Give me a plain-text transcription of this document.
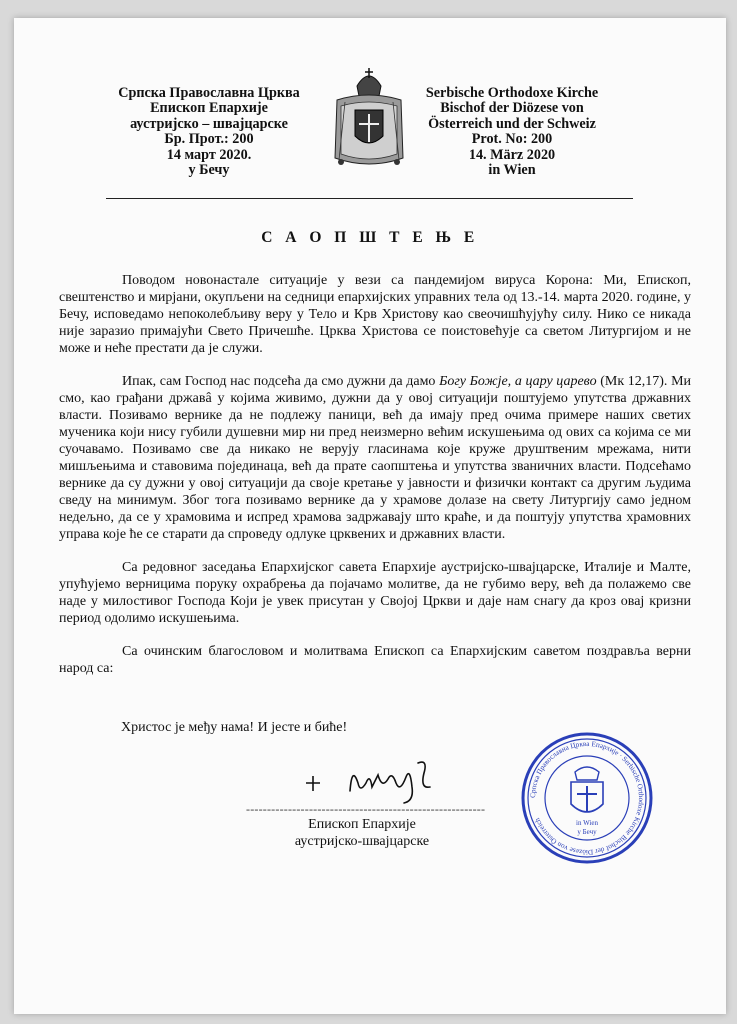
Српска Православна Црква
Епископ Епархије
аустријско – швајцарске
Бр. Прот.: 200
14 март 2020.
у Бечу
Serbische Orthodoxe Kirche
Bischof der Diözese von
Österreich und der Schweiz
Prot. No: 200
14. März 2020
in Wien
С А О П Ш Т Е Њ Е

Поводом новонастале ситуације у вези са пандемијом вируса Корона: Ми, Епископ, свештенство и мирјани, окупљени на седници епархијских управних тела од 13.-14. марта 2020. године, у Бечу, исповедамо непоколебљиву веру у Тело и Крв Христову као свеочишћујућу силу. Нико се никада није заразио примајући Свето Причешће. Црква Христова се поистовећује са светом Литургијом и не може и неће престати да је служи.

Ипак, сам Господ нас подсећа да смо дужни да дамо Богу Божје, а цару царево (Мк 12,17). Ми смо, као грађани државâ у којима живимо, дужни да у овој ситуацији поштујемо упутства државних власти. Позивамо вернике да не подлежу паници, већ да имају пред очима примере наших светих мученика који нису губили душевни мир ни пред неизмерно већим искушењима од ових са којима се ми суочавамо. Позивамо све да никако не верују гласинама које круже друштвеним мрежама, нити мишљењима и ставовима појединаца, већ да прате саопштења и упутства званичних власти. Подсећамо вернике да су дужни у овој ситуацији да своје кретање у јавности и физички контакт са другим људима сведу на минимум. Због тога позивамо вернике да у храмове долазе на свету Литургију само једном недељно, да се у храмовима и испред храмова задржавају што краће, и да поштују упутства храмовних управа које ће се старати да спроведу одлуке црквених и државних власти.

Са редовног заседања Епархијског савета Епархије аустријско-швајцарске, Италије и Малте, упућујемо верницима поруку охрабрења да појачамо молитве, да не губимо веру, већ да полажемо све наде у милостивог Господа Који је увек присутан у Својој Цркви и даје нам снагу да кроз овај кризни период одолимо искушењима.

Са очинским благословом и молитвама Епископ са Епархијским саветом поздравља верни народ са:

Христос је међу нама! И јесте и биће!
---------------------------------------------------------
Епископ Епархије
аустријско-швајцарске
Српска Православна Црква Епархије · Serbische Orthodoxe Kirche Bischof der Diözese von Österreich	in Wien
у Бечу
